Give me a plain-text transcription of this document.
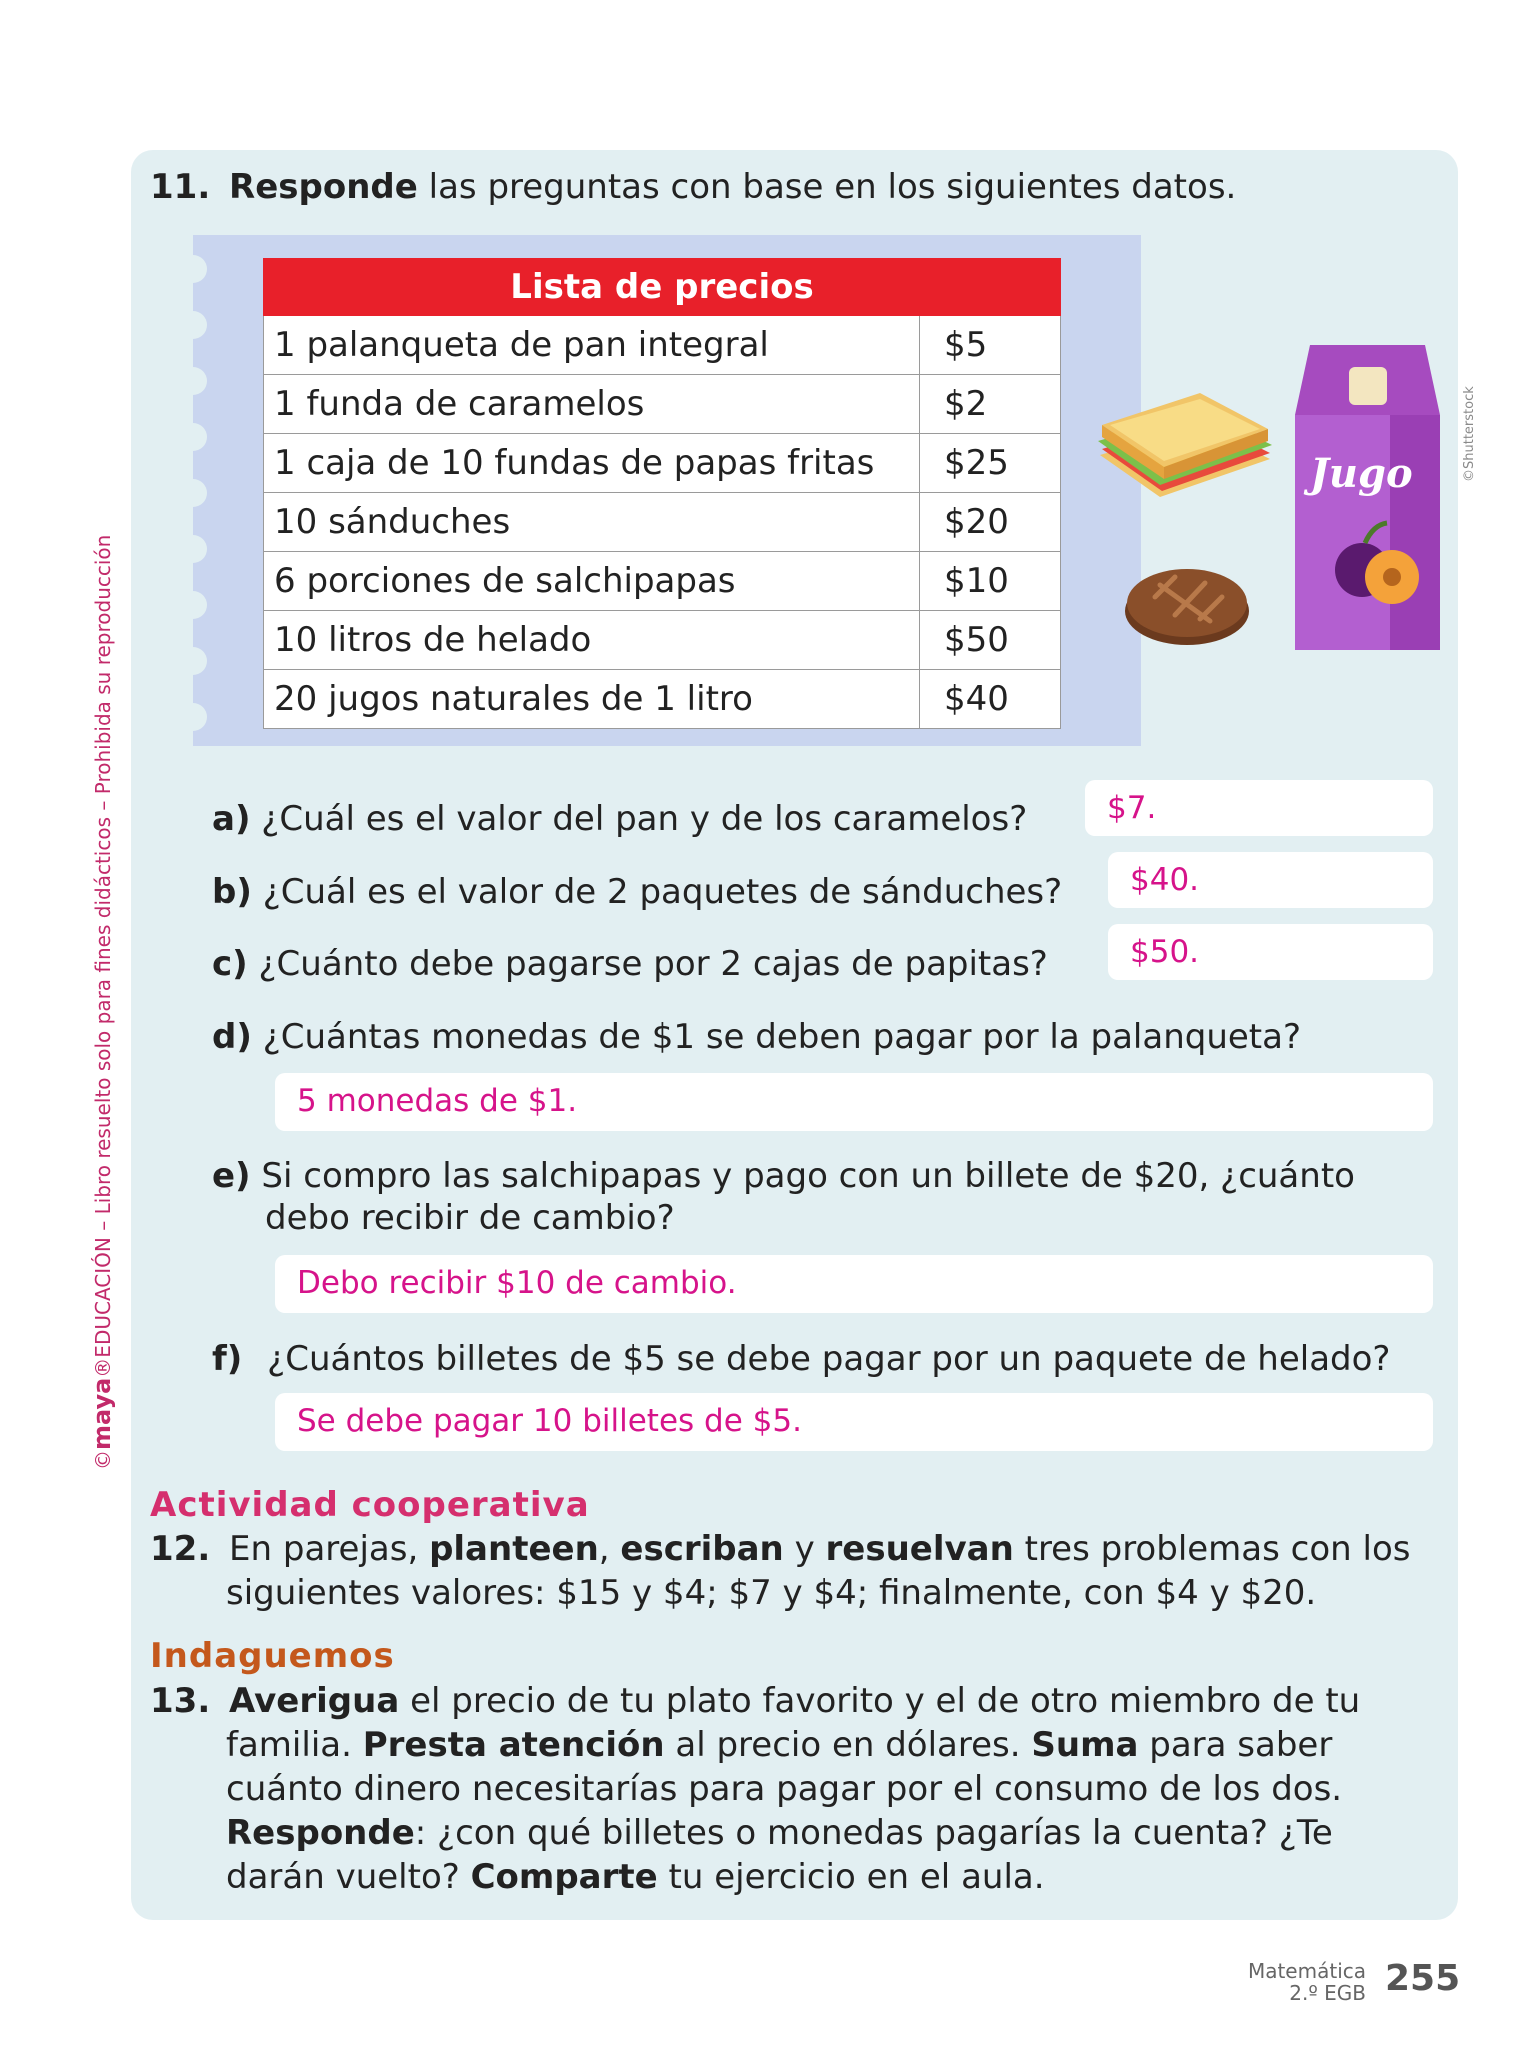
11. Responde las preguntas con base en los siguientes datos.
Lista de precios	
1 palanqueta de pan integral	$5
1 funda de caramelos	$2
1 caja de 10 fundas de papas fritas	$25
10 sánduches	$20
6 porciones de salchipapas	$10
10 litros de helado	$50
20 jugos naturales de 1 litro	$40
Jugo	©Shutterstock
a) ¿Cuál es el valor del pan y de los caramelos?	$7.
b) ¿Cuál es el valor de 2 paquetes de sánduches?	$40.
c) ¿Cuánto debe pagarse por 2 cajas de papitas?	$50.
d) ¿Cuántas monedas de $1 se deben pagar por la palanqueta?
5 monedas de $1.
e) Si compro las salchipapas y pago con un billete de $20, ¿cuánto
debo recibir de cambio?
Debo recibir $10 de cambio.
f) ¿Cuántos billetes de $5 se debe pagar por un paquete de helado?
Se debe pagar 10 billetes de $5.
Actividad cooperativa
12. En parejas, planteen, escriban y resuelvan tres problemas con los
siguientes valores: $15 y $4; $7 y $4; finalmente, con $4 y $20.
Indaguemos
13. Averigua el precio de tu plato favorito y el de otro miembro de tu
familia. Presta atención al precio en dólares. Suma para saber
cuánto dinero necesitarías para pagar por el consumo de los dos.
Responde: ¿con qué billetes o monedas pagarías la cuenta? ¿Te
darán vuelto? Comparte tu ejercicio en el aula.
©maya®EDUCACIÓN – Libro resuelto solo para fines didácticos – Prohibida su reproducción
Matemática
2.º EGB 255
